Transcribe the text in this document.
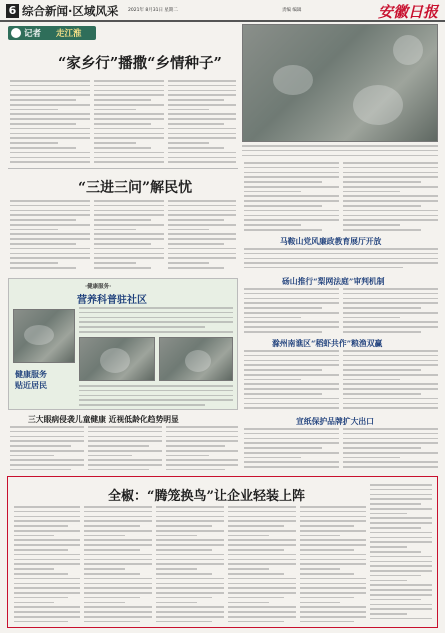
6 综合新闻·区域风采 2021年 8月31日 星期二	责编 编辑	安徽日报
记者 走江淮
“家乡行”播撒“乡情种子”
“三进三问”解民忧
·健康服务·
营养科普驻社区
健康服务
贴近居民
马鞍山党风廉政教育展厅开放
砀山推行“梨网法庭”审判机制
滁州南谯区“稻虾共作”粮渔双赢
宣纸保护品牌扩大出口
三大眼病侵袭儿童健康 近视低龄化趋势明显
全椒：“腾笼换鸟”让企业轻装上阵
